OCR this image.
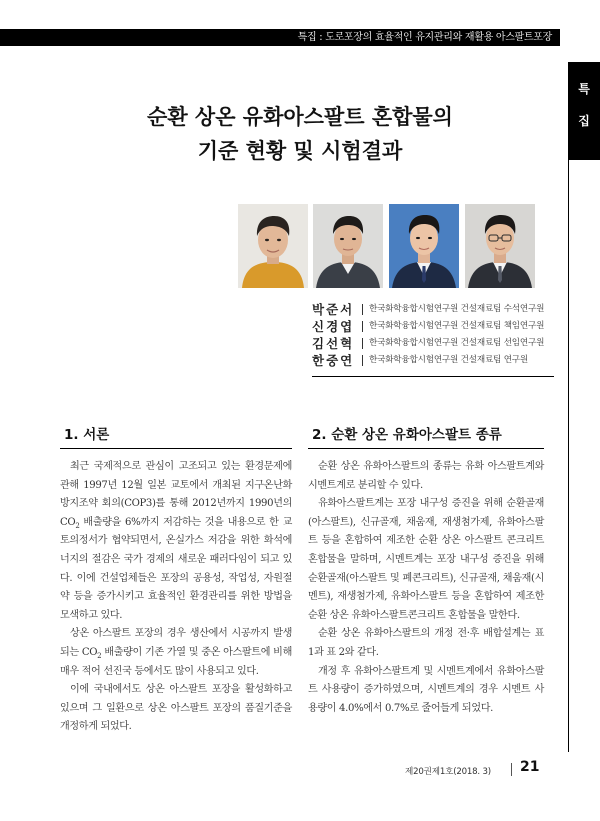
특집 : 도로포장의 효율적인 유지관리와 재활용 아스팔트포장
특
집
순환 상온 유화아스팔트 혼합물의
기준 현황 및 시험결과
박준서	한국화학융합시험연구원 건설재료팀 수석연구원
신경엽	한국화학융합시험연구원 건설재료팀 책임연구원
김선혁	한국화학융합시험연구원 건설재료팀 선임연구원
한중연	한국화학융합시험연구원 건설재료팀 연구원
1. 서론

최근 국제적으로 관심이 고조되고 있는 환경문제에 관해 1997년 12월 일본 교토에서 개최된 지구온난화 방지조약 회의(COP3)를 통해 2012년까지 1990년의 $CO_2$ 배출량을 6%까지 저감하는 것을 내용으로 한 교토의정서가 협약되면서, 온실가스 저감을 위한 화석에너지의 절감은 국가 경제의 새로운 패러다임이 되고 있다. 이에 건설업체들은 포장의 공용성, 작업성, 자원절약 등을 증가시키고 효율적인 환경관리를 위한 방법을 모색하고 있다.

상온 아스팔트 포장의 경우 생산에서 시공까지 발생되는 $CO_2$ 배출량이 기존 가열 및 중온 아스팔트에 비해 매우 적어 선진국 등에서도 많이 사용되고 있다.

이에 국내에서도 상온 아스팔트 포장을 활성화하고 있으며 그 일환으로 상온 아스팔트 포장의 품질기준을 개정하게 되었다.

2. 순환 상온 유화아스팔트 종류

순환 상온 유화아스팔트의 종류는 유화 아스팔트계와 시멘트계로 분리할 수 있다.

유화아스팔트계는 포장 내구성 증진을 위해 순환골재(아스팔트), 신규골재, 채움재, 재생첨가제, 유화아스팔트 등을 혼합하여 제조한 순환 상온 아스팔트 콘크리트 혼합물을 말하며, 시멘트계는 포장 내구성 증진을 위해 순환골재(아스팔트 및 폐콘크리트), 신규골재, 채움재(시멘트), 재생첨가제, 유화아스팔트 등을 혼합하여 제조한 순환 상온 유화아스팔트콘크리트 혼합물을 말한다.

순환 상온 유화아스팔트의 개정 전·후 배합설계는 표 1과 표 2와 같다.

개정 후 유화아스팔트계 및 시멘트계에서 유화아스팔트 사용량이 증가하였으며, 시멘트계의 경우 시멘트 사용량이 4.0%에서 0.7%로 줄어들게 되었다.

제20권제1호(2018. 3) 21
